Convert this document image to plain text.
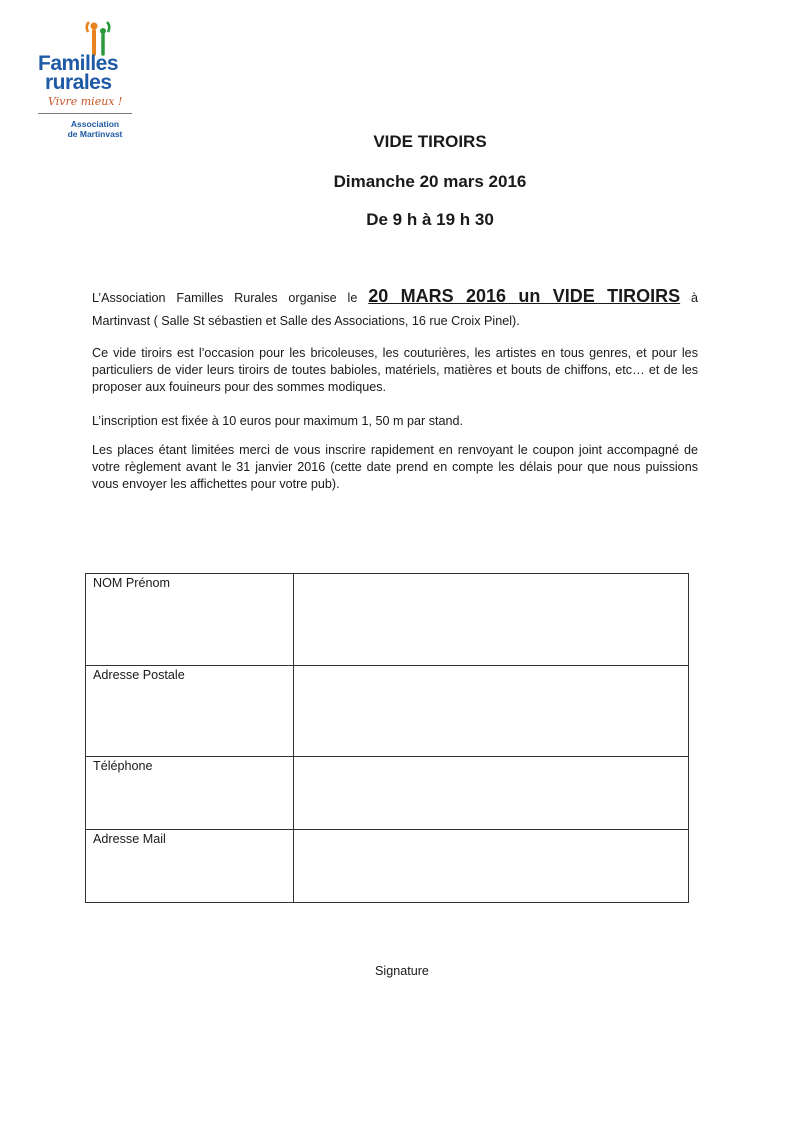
Familles
rurales
Vivre mieux !
Association
de Martinvast	VIDE TIROIRS
Dimanche 20 mars 2016
De 9 h à 19 h 30
L’Association Familles Rurales organise le 20 MARS 2016 un VIDE TIROIRS à
Martinvast ( Salle St sébastien et Salle des Associations, 16 rue Croix Pinel).
Ce vide tiroirs est l’occasion pour les bricoleuses, les couturières, les artistes en tous genres, et pour les particuliers de vider leurs tiroirs de toutes babioles, matériels, matières et bouts de chiffons, etc… et de les proposer aux fouineurs pour des sommes modiques.
L’inscription est fixée à 10 euros pour maximum 1, 50 m par stand.
Les places étant limitées merci de vous inscrire rapidement en renvoyant le coupon joint accompagné de votre règlement avant le 31 janvier 2016 (cette date prend en compte les délais pour que nous puissions vous envoyer les affichettes pour votre pub).
NOM Prénom	
Adresse Postale	
Téléphone	
Adresse Mail	
Signature
